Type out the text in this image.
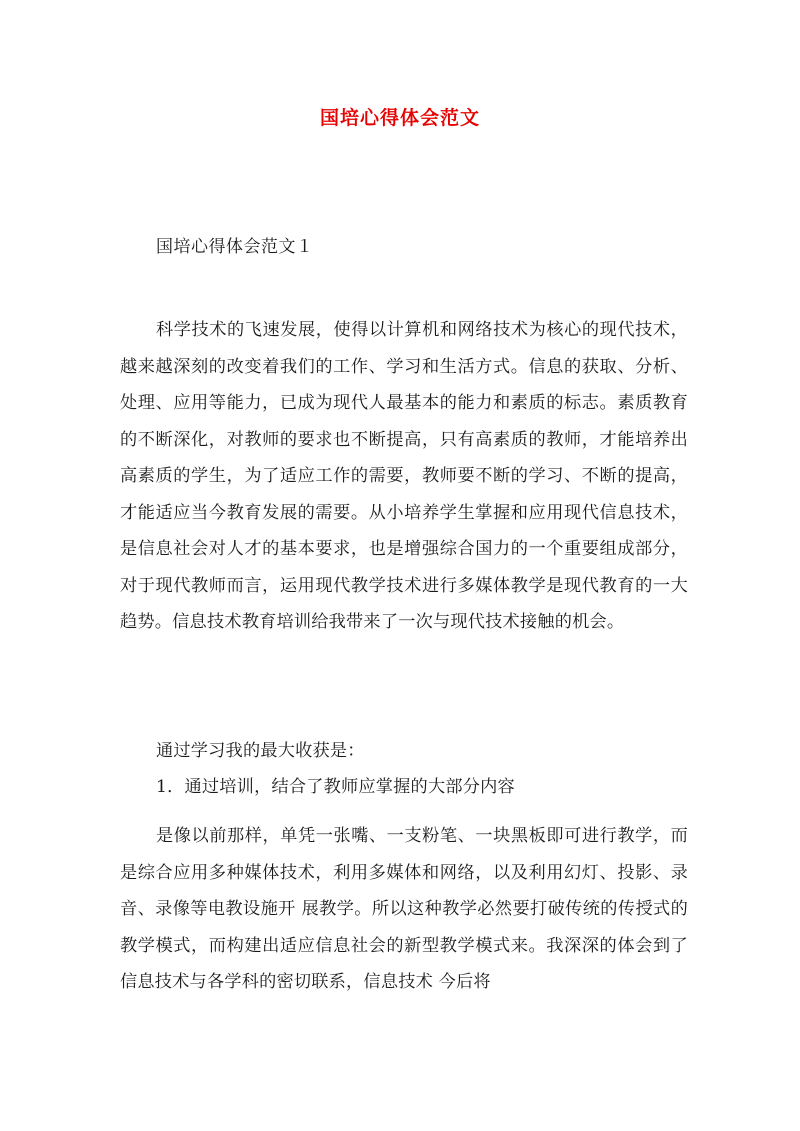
国培心得体会范文
国培心得体会范文１
科学技术的飞速发展，使得以计算机和网络技术为核心的现代技术，越来越深刻的改变着我们的工作、学习和生活方式。信息的获取、分析、处理、应用等能力，已成为现代人最基本的能力和素质的标志。素质教育的不断深化，对教师的要求也不断提高，只有高素质的教师，才能培养出高素质的学生，为了适应工作的需要，教师要不断的学习、不断的提高，才能适应当今教育发展的需要。从小培养学生掌握和应用现代信息技术，是信息社会对人才的基本要求，也是增强综合国力的一个重要组成部分，对于现代教师而言，运用现代教学技术进行多媒体教学是现代教育的一大趋势。信息技术教育培训给我带来了一次与现代技术接触的机会。
通过学习我的最大收获是：
1．通过培训，结合了教师应掌握的大部分内容
是像以前那样，单凭一张嘴、一支粉笔、一块黑板即可进行教学，而是综合应用多种媒体技术，利用多媒体和网络，以及利用幻灯、投影、录音、录像等电教设施开 展教学。所以这种教学必然要打破传统的传授式的教学模式，而构建出适应信息社会的新型教学模式来。我深深的体会到了信息技术与各学科的密切联系，信息技术 今后将
